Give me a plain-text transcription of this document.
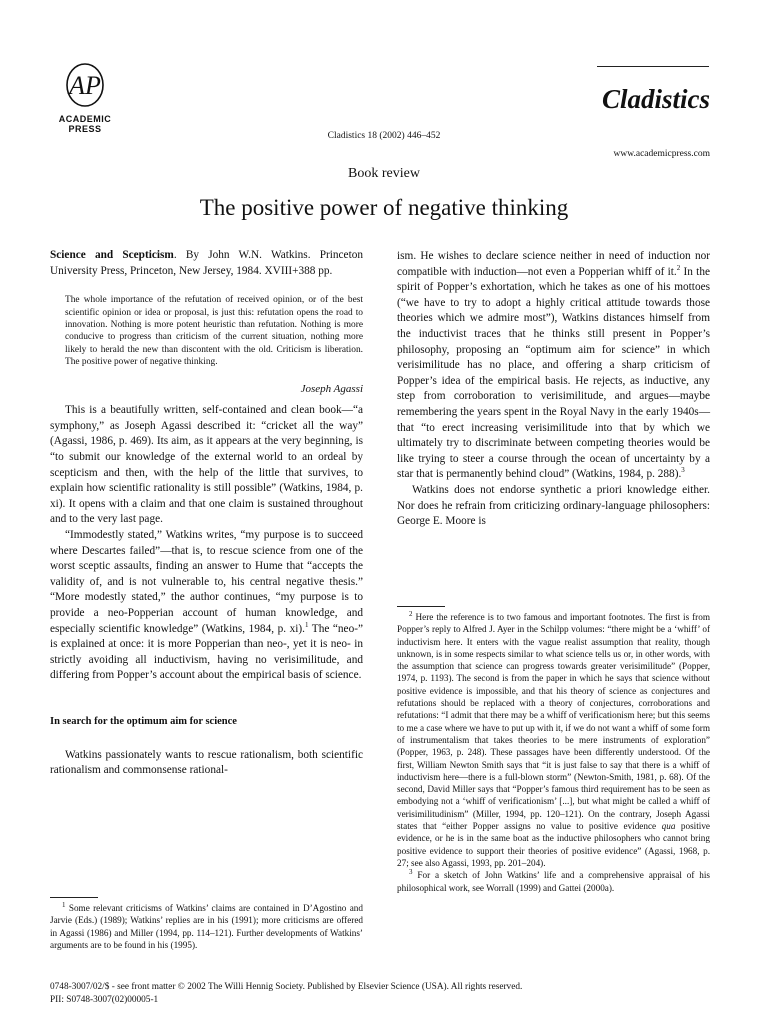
AP
ACADEMIC
PRESS
Cladistics 18 (2002) 446–452
Cladistics
www.academicpress.com
Book review
The positive power of negative thinking

Science and Scepticism. By John W.N. Watkins. Princeton University Press, Princeton, New Jersey, 1984. XVIII+388 pp.

The whole importance of the refutation of received opinion, or of the best scientific opinion or idea or proposal, is just this: refutation opens the road to innovation. Nothing is more potent heuristic than refutation. Nothing is more conducive to progress than criticism of the current situation, nothing more likely to herald the new than discontent with the old. Criticism is liberation. The positive power of negative thinking.

Joseph Agassi

This is a beautifully written, self-contained and clean book—“a symphony,” as Joseph Agassi described it: “cricket all the way” (Agassi, 1986, p. 469). Its aim, as it appears at the very beginning, is “to submit our knowledge of the external world to an ordeal by scepticism and then, with the help of the little that survives, to explain how scientific rationality is still possible” (Watkins, 1984, p. xi). It opens with a claim and that one claim is sustained throughout and to the very last page.

“Immodestly stated,” Watkins writes, “my purpose is to succeed where Descartes failed”—that is, to rescue science from one of the worst sceptic assaults, finding an answer to Hume that “accepts the validity of, and is not vulnerable to, his central negative thesis.” “More modestly stated,” the author continues, “my purpose is to provide a neo-Popperian account of human knowledge, and especially scientific knowledge” (Watkins, 1984, p. xi).$^1$ The “neo-” is explained at once: it is more Popperian than neo-, yet it is neo- in strictly avoiding all inductivism, having no verisimilitude, and differing from Popper’s account about the empirical basis of science.

In search for the optimum aim for science

Watkins passionately wants to rescue rationalism, both scientific rationalism and commonsense rational-

$^1$ Some relevant criticisms of Watkins’ claims are contained in D’Agostino and Jarvie (Eds.) (1989); Watkins’ replies are in his (1991); more criticisms are offered in Agassi (1986) and Miller (1994, pp. 114–121). Further developments of Watkins’ arguments are to be found in his (1995).

ism. He wishes to declare science neither in need of induction nor compatible with induction—not even a Popperian whiff of it.$^2$ In the spirit of Popper’s exhortation, which he takes as one of his mottoes (“we have to try to adopt a highly critical attitude towards those theories which we admire most”), Watkins distances himself from the inductivist traces that he thinks still present in Popper’s philosophy, proposing an “optimum aim for science” in which verisimilitude has no place, and offering a sharp criticism of Popper’s idea of the empirical basis. He rejects, as inductive, any step from corroboration to verisimilitude, and argues—maybe remembering the years spent in the Royal Navy in the early 1940s—that “to erect increasing verisimilitude into that by which we ultimately try to discriminate between competing theories would be like trying to steer a course through the ocean of uncertainty by a star that is permanently behind cloud” (Watkins, 1984, p. 288).$^3$

Watkins does not endorse synthetic a priori knowledge either. Nor does he refrain from criticizing ordinary-language philosophers: George E. Moore is

$^2$ Here the reference is to two famous and important footnotes. The first is from Popper’s reply to Alfred J. Ayer in the Schilpp volumes: “there might be a ‘whiff’ of inductivism here. It enters with the vague realist assumption that reality, though unknown, is in some respects similar to what science tells us or, in other words, with the assumption that science can progress towards greater verisimilitude” (Popper, 1974, p. 1193). The second is from the paper in which he says that science without positive evidence is impossible, and that his theory of science as conjectures and refutations should be replaced with a theory of conjectures, corroborations and refutations: “I admit that there may be a whiff of verificationism here; but this seems to me a case where we have to put up with it, if we do not want a whiff of some form of instrumentalism that takes theories to be mere instruments of exploration” (Popper, 1963, p. 248). These passages have been differently understood. Of the first, William Newton Smith says that “it is just false to say that there is a whiff of inductivism here—there is a full-blown storm” (Newton-Smith, 1981, p. 68). Of the second, David Miller says that “Popper’s famous third requirement has to be seen as embodying not a ‘whiff of verificationism’ [...], but what might be called a whiff of verisimilitudinism” (Miller, 1994, pp. 120–121). On the contrary, Joseph Agassi states that “either Popper assigns no value to positive evidence qua positive evidence, or he is in the same boat as the inductive philosophers who cannot bring positive evidence to support their theories of positive evidence” (Agassi, 1968, p. 27; see also Agassi, 1993, pp. 201–204).

$^3$ For a sketch of John Watkins’ life and a comprehensive appraisal of his philosophical work, see Worrall (1999) and Gattei (2000a).

0748-3007/02/$ - see front matter © 2002 The Willi Hennig Society. Published by Elsevier Science (USA). All rights reserved.
PII: S0748-3007(02)00005-1
